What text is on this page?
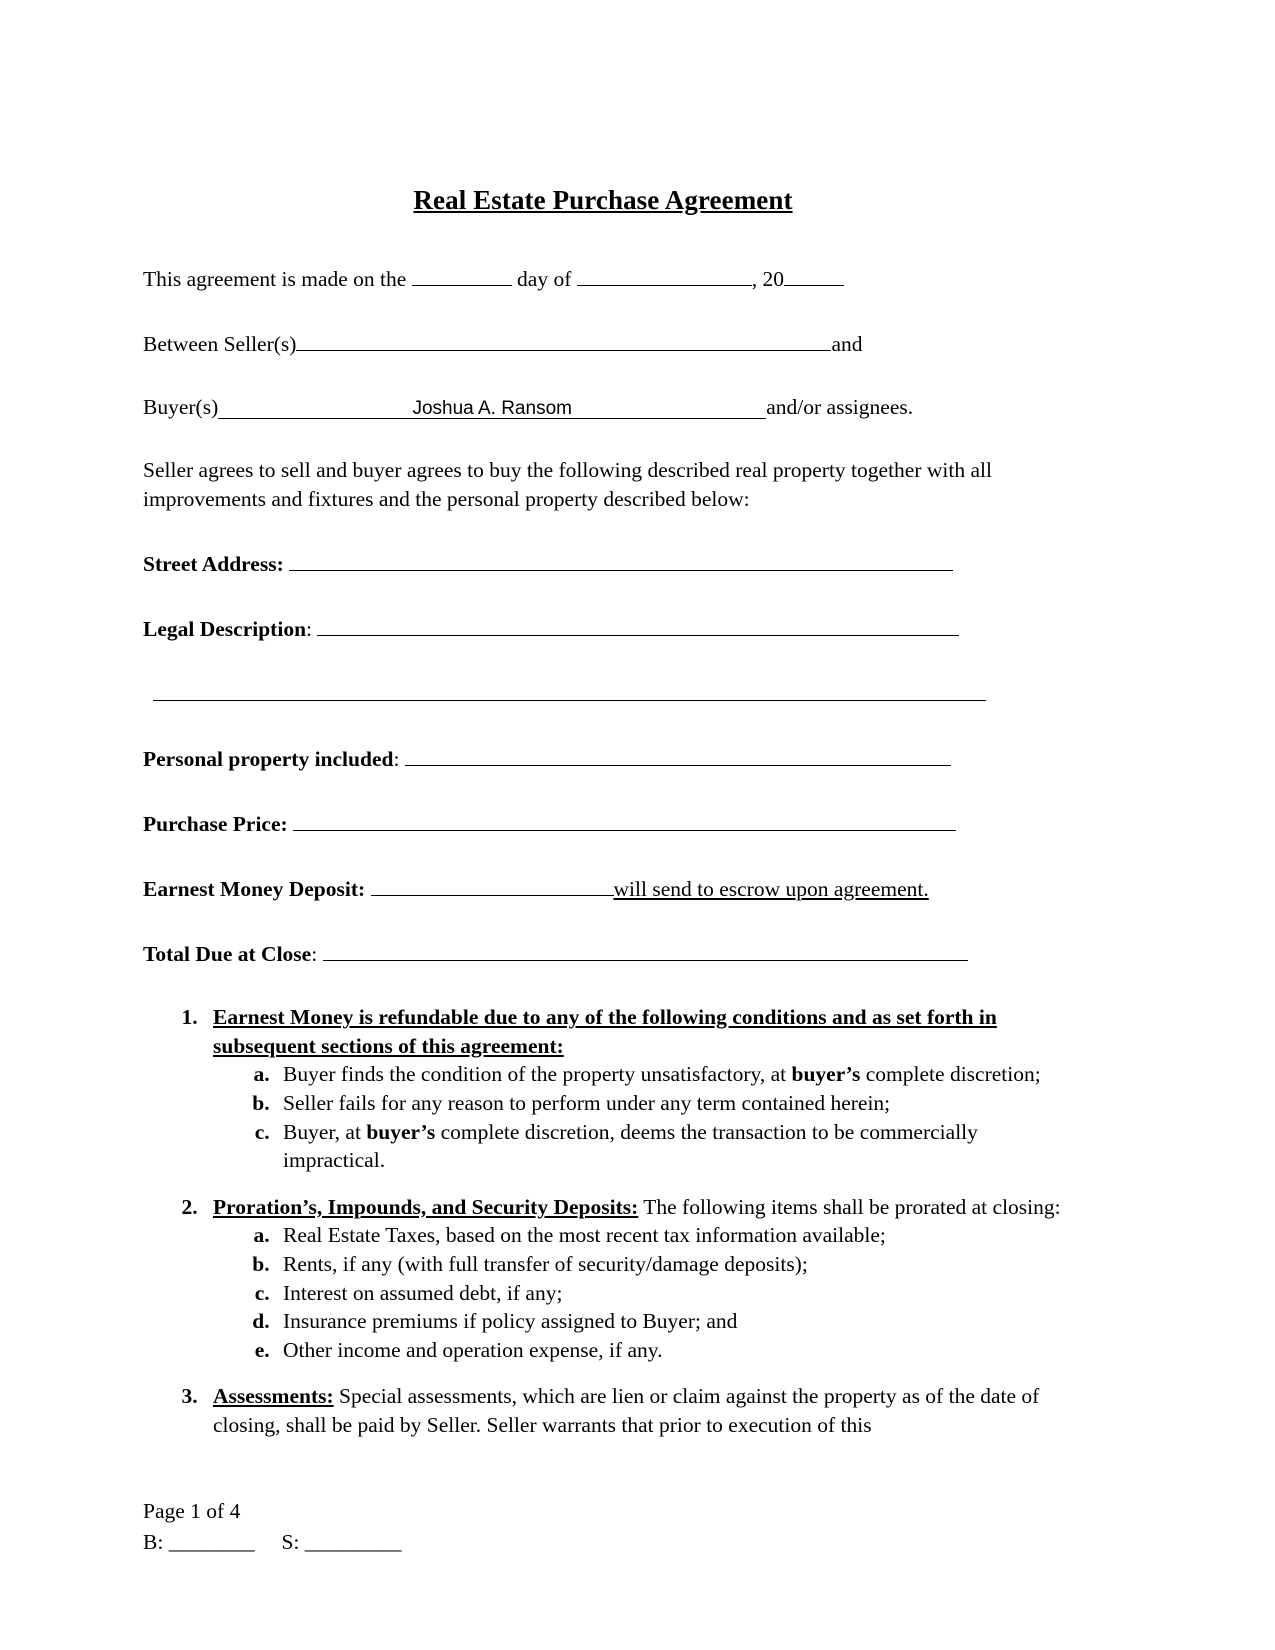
Real Estate Purchase Agreement
This agreement is made on the	day of	, 20
Between Seller(s)	and
Buyer(s)	Joshua A. Ransom	and/or assignees.

Seller agrees to sell and buyer agrees to buy the following described real property together with all improvements and fixtures and the personal property described below:

Street Address:
Legal Description:
Personal property included:
Purchase Price:
Earnest Money Deposit:	will send to escrow upon agreement.
Total Due at Close:
1. Earnest Money is refundable due to any of the following conditions and as set forth in subsequent sections of this agreement:
a. Buyer finds the condition of the property unsatisfactory, at buyer’s complete discretion;
b. Seller fails for any reason to perform under any term contained herein;
c. Buyer, at buyer’s complete discretion, deems the transaction to be commercially impractical.
2. Proration’s, Impounds, and Security Deposits: The following items shall be prorated at closing:
a. Real Estate Taxes, based on the most recent tax information available;
b. Rents, if any (with full transfer of security/damage deposits);
c. Interest on assumed debt, if any;
d. Insurance premiums if policy assigned to Buyer; and
e. Other income and operation expense, if any.
3. Assessments: Special assessments, which are lien or claim against the property as of the date of closing, shall be paid by Seller. Seller warrants that prior to execution of this
Page 1 of 4
B: ________ S: _________
